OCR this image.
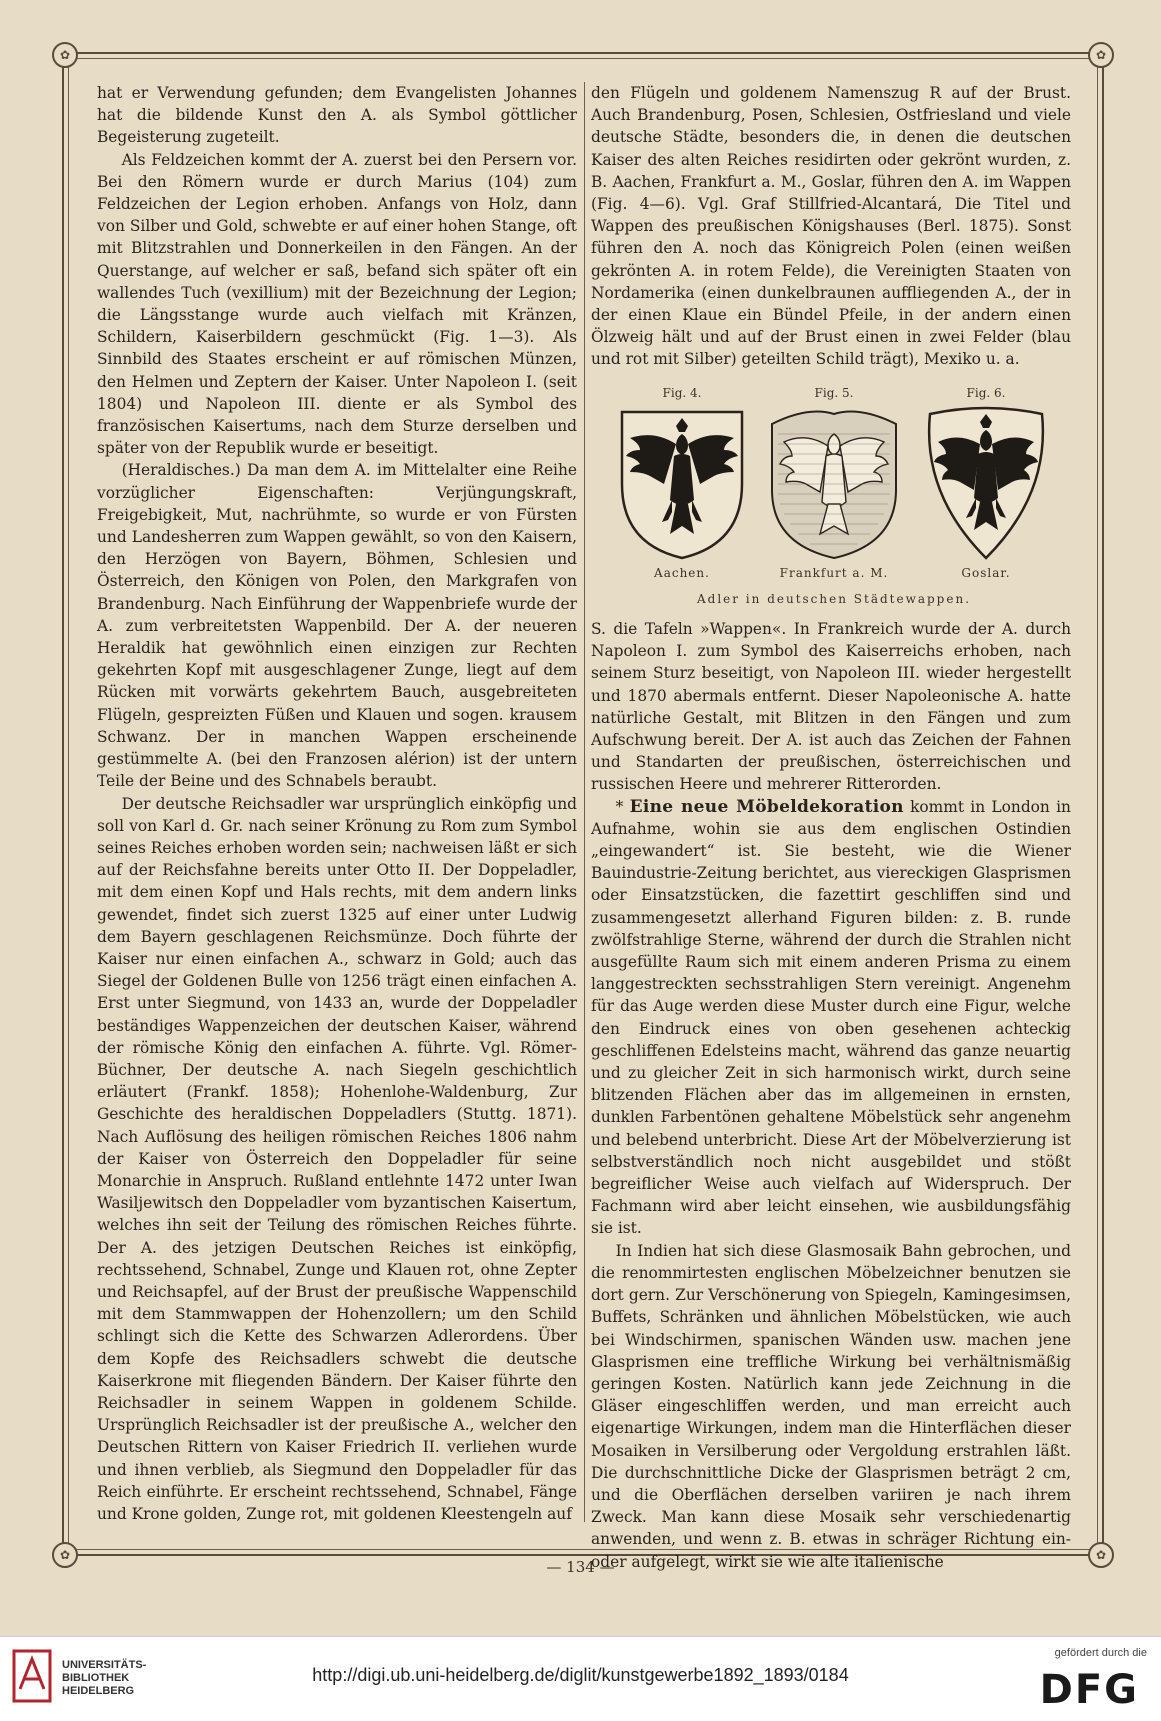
✿	✿
✿	✿

hat er Verwendung gefunden; dem Evangelisten Johannes hat die bildende Kunst den A. als Symbol göttlicher Begeisterung zugeteilt.

Als Feldzeichen kommt der A. zuerst bei den Persern vor. Bei den Römern wurde er durch Marius (104) zum Feldzeichen der Legion erhoben. Anfangs von Holz, dann von Silber und Gold, schwebte er auf einer hohen Stange, oft mit Blitzstrahlen und Donnerkeilen in den Fängen. An der Querstange, auf welcher er saß, befand sich später oft ein wallendes Tuch (vexillium) mit der Bezeichnung der Legion; die Längsstange wurde auch vielfach mit Kränzen, Schildern, Kaiserbildern geschmückt (Fig. 1—3). Als Sinnbild des Staates erscheint er auf römischen Münzen, den Helmen und Zeptern der Kaiser. Unter Napoleon I. (seit 1804) und Napoleon III. diente er als Symbol des französischen Kaisertums, nach dem Sturze derselben und später von der Republik wurde er beseitigt.

(Heraldisches.) Da man dem A. im Mittelalter eine Reihe vorzüglicher Eigenschaften: Verjüngungskraft, Freigebigkeit, Mut, nachrühmte, so wurde er von Fürsten und Landesherren zum Wappen gewählt, so von den Kaisern, den Herzögen von Bayern, Böhmen, Schlesien und Österreich, den Königen von Polen, den Markgrafen von Brandenburg. Nach Einführung der Wappenbriefe wurde der A. zum verbreitetsten Wappenbild. Der A. der neueren Heraldik hat gewöhnlich einen einzigen zur Rechten gekehrten Kopf mit ausgeschlagener Zunge, liegt auf dem Rücken mit vorwärts gekehrtem Bauch, ausgebreiteten Flügeln, gespreizten Füßen und Klauen und sogen. krausem Schwanz. Der in manchen Wappen erscheinende gestümmelte A. (bei den Franzosen alérion) ist der untern Teile der Beine und des Schnabels beraubt.

Der deutsche Reichsadler war ursprünglich einköpfig und soll von Karl d. Gr. nach seiner Krönung zu Rom zum Symbol seines Reiches erhoben worden sein; nachweisen läßt er sich auf der Reichsfahne bereits unter Otto II. Der Doppeladler, mit dem einen Kopf und Hals rechts, mit dem andern links gewendet, findet sich zuerst 1325 auf einer unter Ludwig dem Bayern geschlagenen Reichsmünze. Doch führte der Kaiser nur einen einfachen A., schwarz in Gold; auch das Siegel der Goldenen Bulle von 1256 trägt einen einfachen A. Erst unter Siegmund, von 1433 an, wurde der Doppeladler beständiges Wappenzeichen der deutschen Kaiser, während der römische König den einfachen A. führte. Vgl. Römer-Büchner, Der deutsche A. nach Siegeln geschichtlich erläutert (Frankf. 1858); Hohenlohe-Waldenburg, Zur Geschichte des heraldischen Doppeladlers (Stuttg. 1871). Nach Auflösung des heiligen römischen Reiches 1806 nahm der Kaiser von Österreich den Doppeladler für seine Monarchie in Anspruch. Rußland entlehnte 1472 unter Iwan Wasiljewitsch den Doppeladler vom byzantischen Kaisertum, welches ihn seit der Teilung des römischen Reiches führte. Der A. des jetzigen Deutschen Reiches ist einköpfig, rechtssehend, Schnabel, Zunge und Klauen rot, ohne Zepter und Reichsapfel, auf der Brust der preußische Wappenschild mit dem Stammwappen der Hohenzollern; um den Schild schlingt sich die Kette des Schwarzen Adlerordens. Über dem Kopfe des Reichsadlers schwebt die deutsche Kaiserkrone mit fliegenden Bändern. Der Kaiser führte den Reichsadler in seinem Wappen in goldenem Schilde. Ursprünglich Reichsadler ist der preußische A., welcher den Deutschen Rittern von Kaiser Friedrich II. verliehen wurde und ihnen verblieb, als Siegmund den Doppeladler für das Reich einführte. Er erscheint rechtssehend, Schnabel, Fänge und Krone golden, Zunge rot, mit goldenen Kleestengeln auf

den Flügeln und goldenem Namenszug R auf der Brust. Auch Brandenburg, Posen, Schlesien, Ostfriesland und viele deutsche Städte, besonders die, in denen die deutschen Kaiser des alten Reiches residirten oder gekrönt wurden, z. B. Aachen, Frankfurt a. M., Goslar, führen den A. im Wappen (Fig. 4—6). Vgl. Graf Stillfried-Alcantará, Die Titel und Wappen des preußischen Königshauses (Berl. 1875). Sonst führen den A. noch das Königreich Polen (einen weißen gekrönten A. in rotem Felde), die Vereinigten Staaten von Nordamerika (einen dunkelbraunen auffliegenden A., der in der einen Klaue ein Bündel Pfeile, in der andern einen Ölzweig hält und auf der Brust einen in zwei Felder (blau und rot mit Silber) geteilten Schild trägt), Mexiko u. a.

Fig. 4.
Aachen.
Fig. 5.
Frankfurt a. M.
Fig. 6.
Goslar.
Adler in deutschen Städtewappen.

S. die Tafeln »Wappen«. In Frankreich wurde der A. durch Napoleon I. zum Symbol des Kaiserreichs erhoben, nach seinem Sturz beseitigt, von Napoleon III. wieder hergestellt und 1870 abermals entfernt. Dieser Napoleonische A. hatte natürliche Gestalt, mit Blitzen in den Fängen und zum Aufschwung bereit. Der A. ist auch das Zeichen der Fahnen und Standarten der preußischen, österreichischen und russischen Heere und mehrerer Ritterorden.

* Eine neue Möbeldekoration kommt in London in Aufnahme, wohin sie aus dem englischen Ostindien „eingewandert“ ist. Sie besteht, wie die Wiener Bauindustrie-Zeitung berichtet, aus viereckigen Glasprismen oder Einsatzstücken, die fazettirt geschliffen sind und zusammengesetzt allerhand Figuren bilden: z. B. runde zwölfstrahlige Sterne, während der durch die Strahlen nicht ausgefüllte Raum sich mit einem anderen Prisma zu einem langgestreckten sechsstrahligen Stern vereinigt. Angenehm für das Auge werden diese Muster durch eine Figur, welche den Eindruck eines von oben gesehenen achteckig geschliffenen Edelsteins macht, während das ganze neuartig und zu gleicher Zeit in sich harmonisch wirkt, durch seine blitzenden Flächen aber das im allgemeinen in ernsten, dunklen Farbentönen gehaltene Möbelstück sehr angenehm und belebend unterbricht. Diese Art der Möbelverzierung ist selbstverständlich noch nicht ausgebildet und stößt begreiflicher Weise auch vielfach auf Widerspruch. Der Fachmann wird aber leicht einsehen, wie ausbildungsfähig sie ist.

In Indien hat sich diese Glasmosaik Bahn gebrochen, und die renommirtesten englischen Möbelzeichner benutzen sie dort gern. Zur Verschönerung von Spiegeln, Kamingesimsen, Buffets, Schränken und ähnlichen Möbelstücken, wie auch bei Windschirmen, spanischen Wänden usw. machen jene Glasprismen eine treffliche Wirkung bei verhältnismäßig geringen Kosten. Natürlich kann jede Zeichnung in die Gläser eingeschliffen werden, und man erreicht auch eigenartige Wirkungen, indem man die Hinterflächen dieser Mosaiken in Versilberung oder Vergoldung erstrahlen läßt. Die durchschnittliche Dicke der Glasprismen beträgt 2 cm, und die Oberflächen derselben variiren je nach ihrem Zweck. Man kann diese Mosaik sehr verschiedenartig anwenden, und wenn z. B. etwas in schräger Richtung ein- oder aufgelegt, wirkt sie wie alte italienische

— 134 —
UNIVERSITÄTS-
BIBLIOTHEK
HEIDELBERG
http://digi.ub.uni-heidelberg.de/diglit/kunstgewerbe1892_1893/0184
gefördert durch die
DFG
